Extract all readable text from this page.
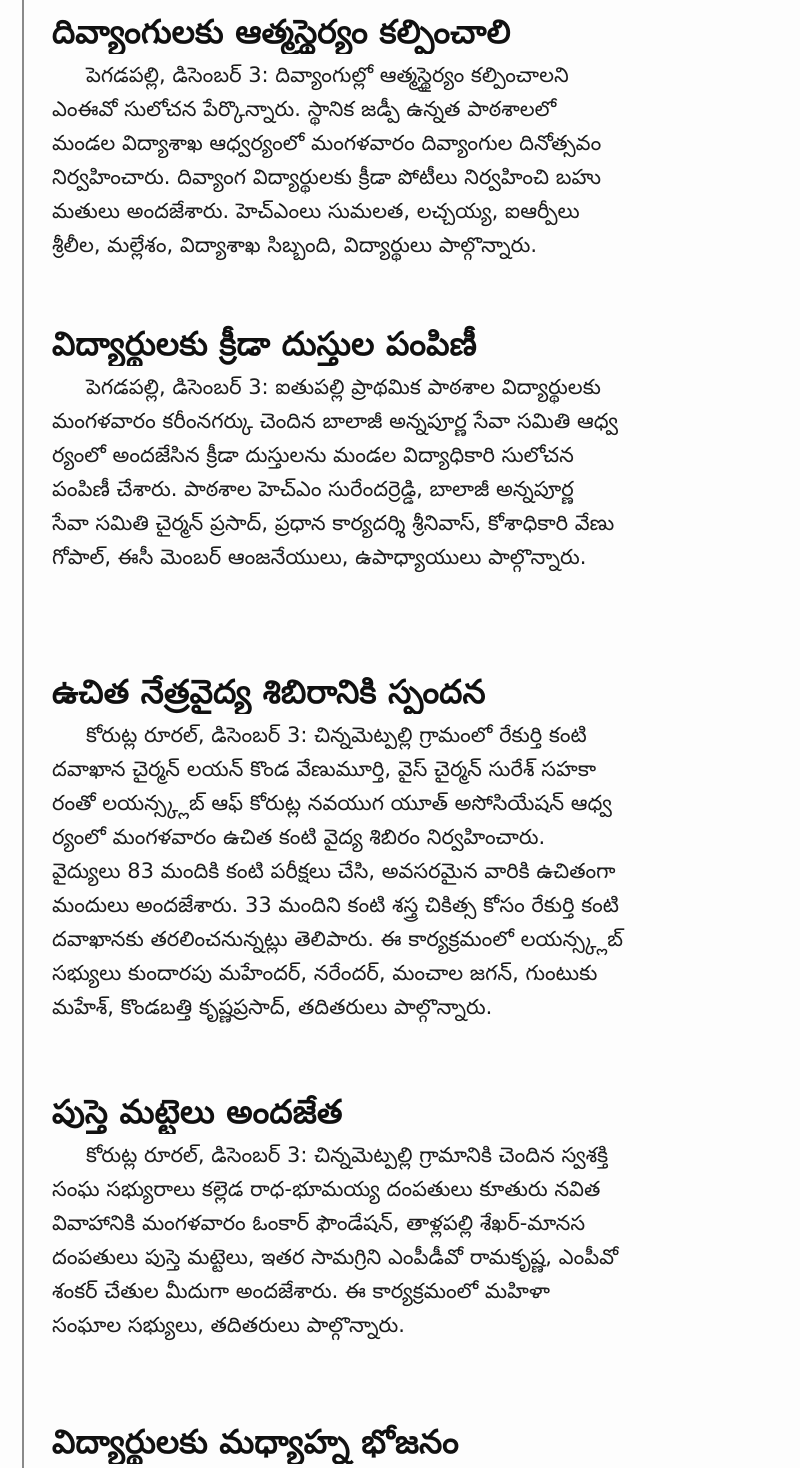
దివ్యాంగులకు ఆత్మస్థైర్యం కల్పించాలి
పెగడపల్లి, డిసెంబర్ 3: దివ్యాంగుల్లో ఆత్మస్థైర్యం కల్పించాలని
ఎంఈవో సులోచన పేర్కొన్నారు. స్థానిక జడ్పీ ఉన్నత పాఠశాలలో
మండల విద్యాశాఖ ఆధ్వర్యంలో మంగళవారం దివ్యాంగుల దినోత్సవం
నిర్వహించారు. దివ్యాంగ విద్యార్థులకు క్రీడా పోటీలు నిర్వహించి బహు
మతులు అందజేశారు. హెచ్ఎంలు సుమలత, లచ్చయ్య, ఐఆర్పీలు
శ్రీలీల, మల్లేశం, విద్యాశాఖ సిబ్బంది, విద్యార్థులు పాల్గొన్నారు.
విద్యార్థులకు క్రీడా దుస్తుల పంపిణీ
పెగడపల్లి, డిసెంబర్ 3: ఐతుపల్లి ప్రాథమిక పాఠశాల విద్యార్థులకు
మంగళవారం కరీంనగర్కు చెందిన బాలాజీ అన్నపూర్ణ సేవా సమితి ఆధ్వ
ర్యంలో అందజేసిన క్రీడా దుస్తులను మండల విద్యాధికారి సులోచన
పంపిణీ చేశారు. పాఠశాల హెచ్ఎం సురేందర్రెడ్డి, బాలాజీ అన్నపూర్ణ
సేవా సమితి చైర్మన్ ప్రసాద్, ప్రధాన కార్యదర్శి శ్రీనివాస్, కోశాధికారి వేణు
గోపాల్, ఈసీ మెంబర్ ఆంజనేయులు, ఉపాధ్యాయులు పాల్గొన్నారు.
ఉచిత నేత్రవైద్య శిబిరానికి స్పందన
కోరుట్ల రూరల్, డిసెంబర్ 3: చిన్నమెట్పల్లి గ్రామంలో రేకుర్తి కంటి
దవాఖాన చైర్మన్ లయన్ కొండ వేణుమూర్తి, వైస్ చైర్మన్ సురేశ్ సహకా
రంతో లయన్స్క్లబ్ ఆఫ్ కోరుట్ల నవయుగ యూత్ అసోసియేషన్ ఆధ్వ
ర్యంలో మంగళవారం ఉచిత కంటి వైద్య శిబిరం నిర్వహించారు.
వైద్యులు 83 మందికి కంటి పరీక్షలు చేసి, అవసరమైన వారికి ఉచితంగా
మందులు అందజేశారు. 33 మందిని కంటి శస్త్ర చికిత్స కోసం రేకుర్తి కంటి
దవాఖానకు తరలించనున్నట్లు తెలిపారు. ఈ కార్యక్రమంలో లయన్స్క్లబ్
సభ్యులు కుందారపు మహేందర్, నరేందర్, మంచాల జగన్, గుంటుకు
మహేశ్, కొండబత్తి కృష్ణప్రసాద్, తదితరులు పాల్గొన్నారు.
పుస్తె మట్టెలు అందజేత
కోరుట్ల రూరల్, డిసెంబర్ 3: చిన్నమెట్పల్లి గ్రామానికి చెందిన స్వశక్తి
సంఘ సభ్యురాలు కల్లెడ రాధ-భూమయ్య దంపతులు కూతురు నవిత
వివాహానికి మంగళవారం ఓంకార్ ఫౌండేషన్, తాళ్లపల్లి శేఖర్-మానస
దంపతులు పుస్తె మట్టెలు, ఇతర సామగ్రిని ఎంపీడీవో రామకృష్ణ, ఎంపీవో
శంకర్ చేతుల మీదుగా అందజేశారు. ఈ కార్యక్రమంలో మహిళా
సంఘాల సభ్యులు, తదితరులు పాల్గొన్నారు.
విద్యార్థులకు మధ్యాహ్న భోజనం
